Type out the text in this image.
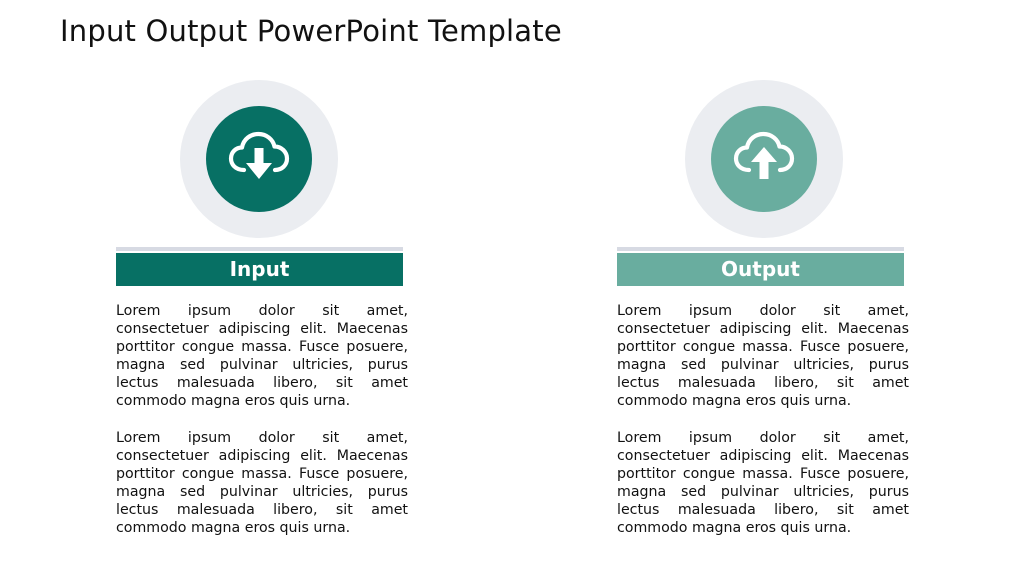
Input Output PowerPoint Template
Input
Lorem ipsum dolor sit amet, consectetuer adipiscing elit. Maecenas porttitor congue massa. Fusce posuere, magna sed pulvinar ultricies, purus lectus malesuada libero, sit amet commodo magna eros quis urna.
Lorem ipsum dolor sit amet, consectetuer adipiscing elit. Maecenas porttitor congue massa. Fusce posuere, magna sed pulvinar ultricies, purus lectus malesuada libero, sit amet commodo magna eros quis urna.
Output
Lorem ipsum dolor sit amet, consectetuer adipiscing elit. Maecenas porttitor congue massa. Fusce posuere, magna sed pulvinar ultricies, purus lectus malesuada libero, sit amet commodo magna eros quis urna.
Lorem ipsum dolor sit amet, consectetuer adipiscing elit. Maecenas porttitor congue massa. Fusce posuere, magna sed pulvinar ultricies, purus lectus malesuada libero, sit amet commodo magna eros quis urna.
